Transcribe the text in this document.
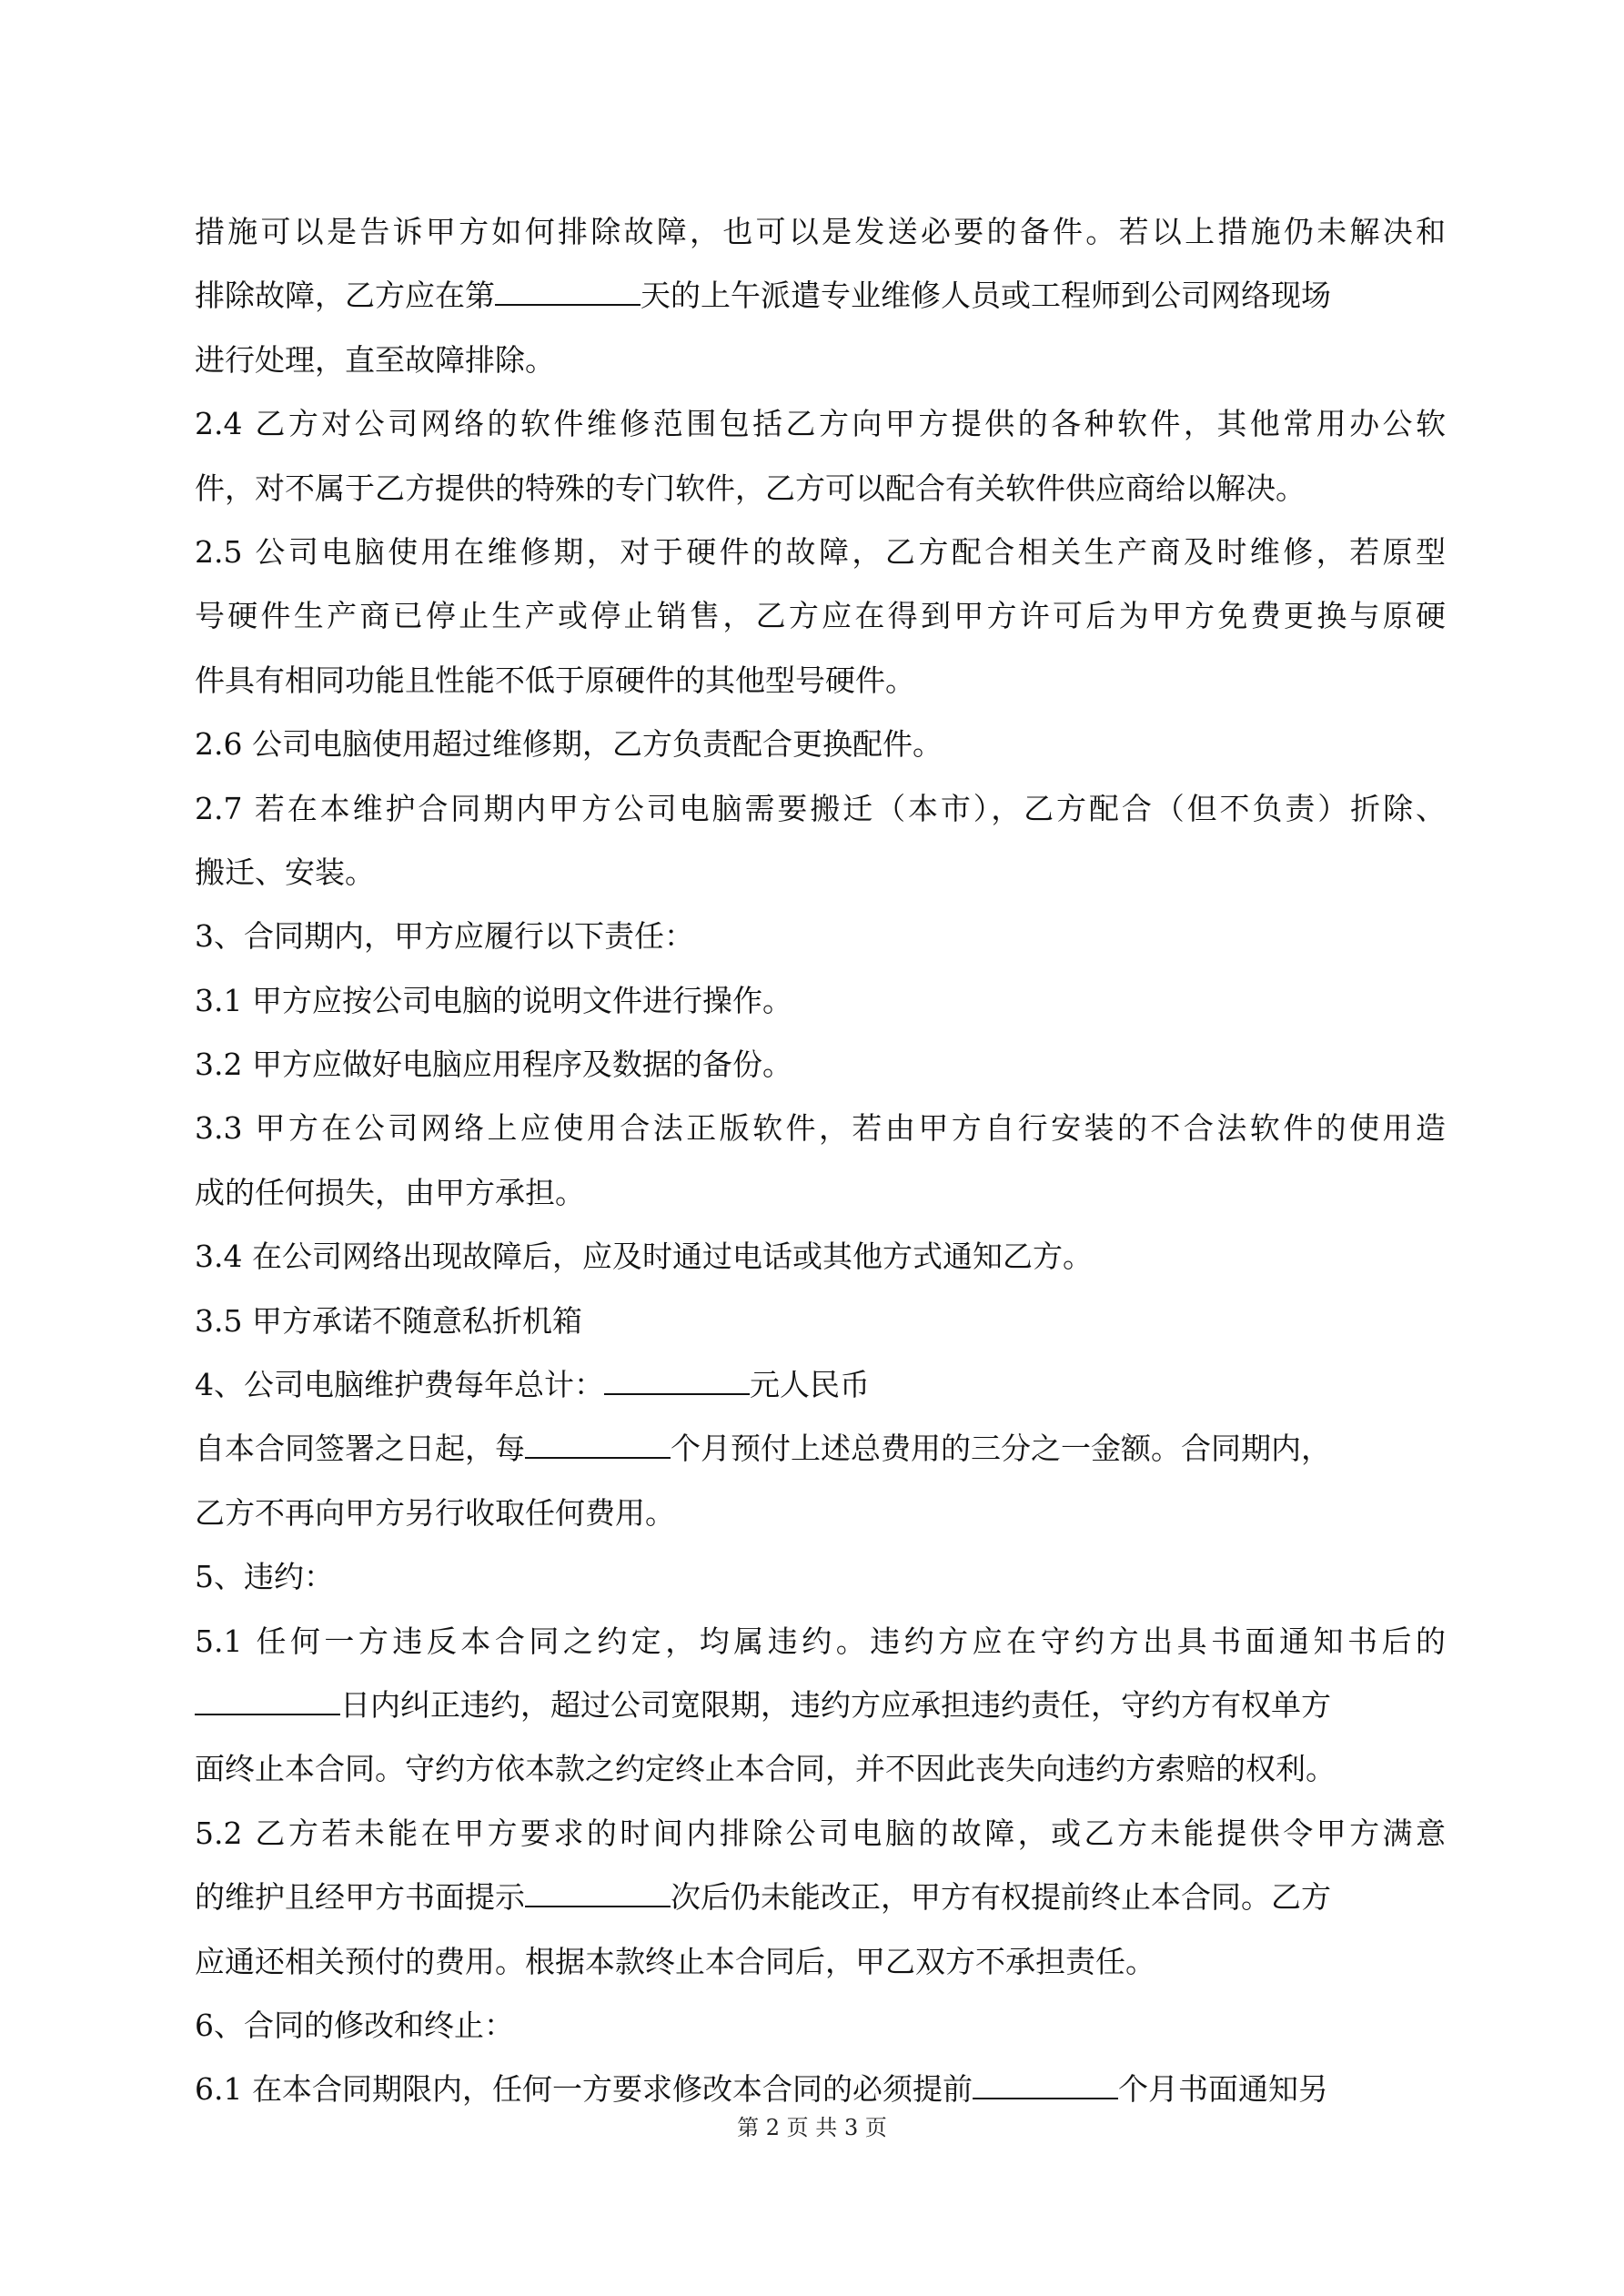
措施可以是告诉甲方如何排除故障，也可以是发送必要的备件。若以上措施仍未解决和
排除故障，乙方应在第	天的上午派遣专业维修人员或工程师到公司网络现场
进行处理，直至故障排除。
2.4 乙方对公司网络的软件维修范围包括乙方向甲方提供的各种软件，其他常用办公软
件，对不属于乙方提供的特殊的专门软件，乙方可以配合有关软件供应商给以解决。
2.5 公司电脑使用在维修期，对于硬件的故障，乙方配合相关生产商及时维修，若原型
号硬件生产商已停止生产或停止销售，乙方应在得到甲方许可后为甲方免费更换与原硬
件具有相同功能且性能不低于原硬件的其他型号硬件。
2.6 公司电脑使用超过维修期，乙方负责配合更换配件。
2.7 若在本维护合同期内甲方公司电脑需要搬迁（本市），乙方配合（但不负责）折除、
搬迁、安装。
3、合同期内，甲方应履行以下责任：
3.1 甲方应按公司电脑的说明文件进行操作。
3.2 甲方应做好电脑应用程序及数据的备份。
3.3 甲方在公司网络上应使用合法正版软件，若由甲方自行安装的不合法软件的使用造
成的任何损失，由甲方承担。
3.4 在公司网络出现故障后，应及时通过电话或其他方式通知乙方。
3.5 甲方承诺不随意私折机箱
4、公司电脑维护费每年总计：	元人民币
自本合同签署之日起，每	个月预付上述总费用的三分之一金额。合同期内，
乙方不再向甲方另行收取任何费用。
5、违约：
5.1 任何一方违反本合同之约定，均属违约。违约方应在守约方出具书面通知书后的
日内纠正违约，超过公司宽限期，违约方应承担违约责任，守约方有权单方
面终止本合同。守约方依本款之约定终止本合同，并不因此丧失向违约方索赔的权利。
5.2 乙方若未能在甲方要求的时间内排除公司电脑的故障，或乙方未能提供令甲方满意
的维护且经甲方书面提示	次后仍未能改正，甲方有权提前终止本合同。乙方
应通还相关预付的费用。根据本款终止本合同后，甲乙双方不承担责任。
6、合同的修改和终止：
6.1 在本合同期限内，任何一方要求修改本合同的必须提前	个月书面通知另
第 2 页 共 3 页
